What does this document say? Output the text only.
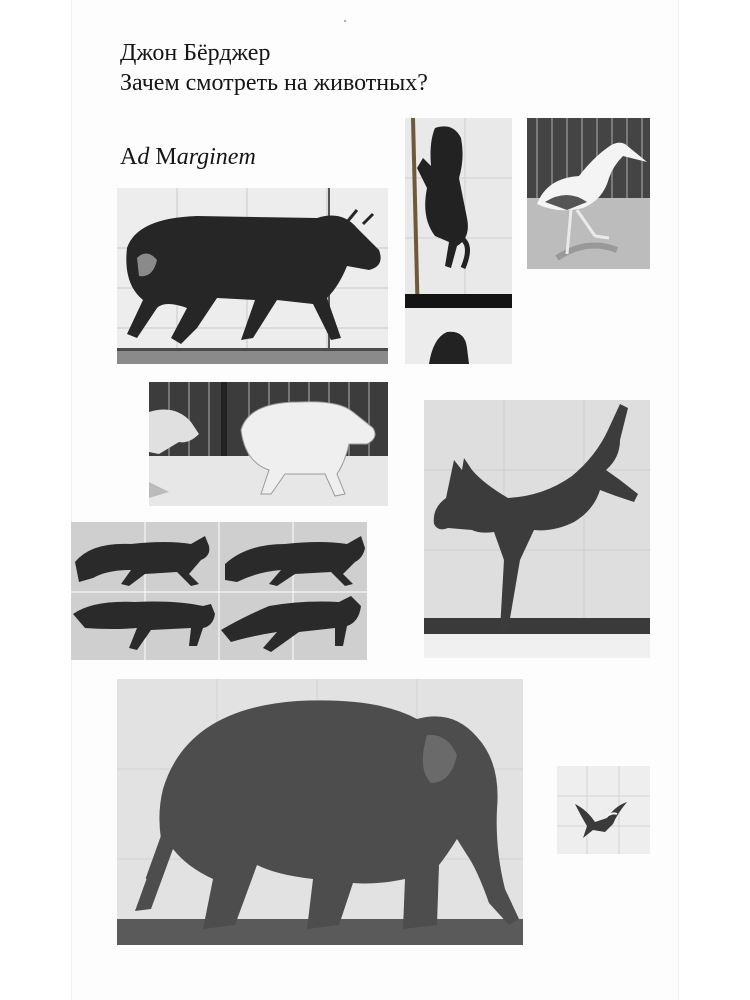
Джон Бёрджер
Зачем смотреть на животных?
Ad Marginem
